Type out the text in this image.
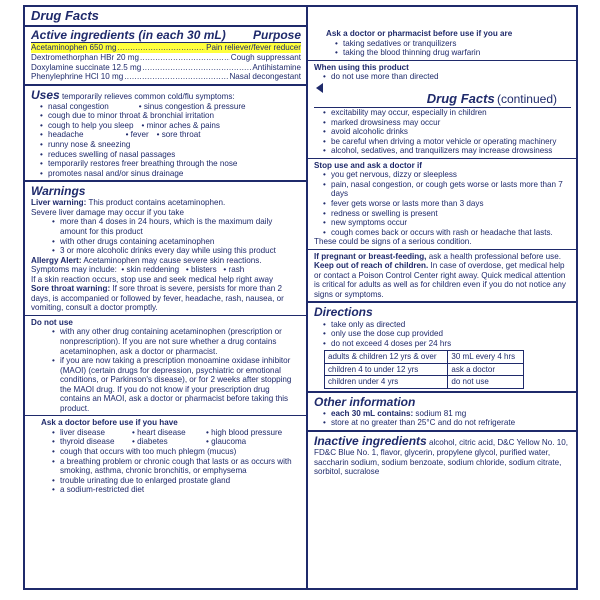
Drug Facts
Active ingredients (in each 30 mL) Purpose
Acetaminophen 650 mg .....	Pain reliever/fever reducer
Dextromethorphan HBr 20 mg .....	Cough suppressant
Doxylamine succinate 12.5 mg .....	Antihistamine
Phenylephrine HCl 10 mg .....	Nasal decongestant
Uses temporarily relieves common cold/flu symptoms:
• nasal congestion	• sinus congestion & pressure
• cough due to minor throat & bronchial irritation
• cough to help you sleep • minor aches & pains
• headache	• fever • sore throat
• runny nose & sneezing
• reduces swelling of nasal passages
• temporarily restores freer breathing through the nose
• promotes nasal and/or sinus drainage
Warnings
Liver warning: This product contains acetaminophen.
Severe liver damage may occur if you take
• more than 4 doses in 24 hours, which is the maximum daily amount for this product
• with other drugs containing acetaminophen
• 3 or more alcoholic drinks every day while using this product
Allergy Alert: Acetaminophen may cause severe skin reactions.
Symptoms may include:  • skin reddening   • blisters   • rash
If a skin reaction occurs, stop use and seek medical help right away
Sore throat warning: If sore throat is severe, persists for more than 2 days, is accompanied or followed by fever, headache, rash, nausea, or vomiting, consult a doctor promptly.
Do not use
• with any other drug containing acetaminophen (prescription or nonprescription). If you are not sure whether a drug contains acetaminophen, ask a doctor or pharmacist.
• if you are now taking a prescription monoamine oxidase inhibitor (MAOI) (certain drugs for depression, psychiatric or emotional conditions, or Parkinson's disease), or for 2 weeks after stopping the MAOI drug. If you do not know if your prescription drug contains an MAOI, ask a doctor or pharmacist before taking this product.
Ask a doctor before use if you have
• liver disease	• heart disease	• high blood pressure
• thyroid disease	• diabetes	• glaucoma
• cough that occurs with too much phlegm (mucus)
• a breathing problem or chronic cough that lasts or as occurs with smoking, asthma, chronic bronchitis, or emphysema
• trouble urinating due to enlarged prostate gland
• a sodium-restricted diet
Ask a doctor or pharmacist before use if you are
• taking sedatives or tranquilizers
• taking the blood thinning drug warfarin
When using this product
• do not use more than directed
Drug Facts (continued)
• excitability may occur, especially in children
• marked drowsiness may occur
• avoid alcoholic drinks
• be careful when driving a motor vehicle or operating machinery
• alcohol, sedatives, and tranquilizers may increase drowsiness
Stop use and ask a doctor if
• you get nervous, dizzy or sleepless
• pain, nasal congestion, or cough gets worse or lasts more than 7 days
• fever gets worse or lasts more than 3 days
• redness or swelling is present
• new symptoms occur
• cough comes back or occurs with rash or headache that lasts.
These could be signs of a serious condition.
If pregnant or breast-feeding, ask a health professional before use. Keep out of reach of children. In case of overdose, get medical help or contact a Poison Control Center right away. Quick medical attention is critical for adults as well as for children even if you do not notice any signs or symptoms.
Directions
• take only as directed
• only use the dose cup provided
• do not exceed 4 doses per 24 hrs
adults & children 12 yrs & over	30 mL every 4 hrs
children 4 to under 12 yrs	ask a doctor
children under 4 yrs	do not use
Other information
• each 30 mL contains: sodium 81 mg
• store at no greater than 25°C and do not refrigerate
Inactive ingredients alcohol, citric acid, D&C Yellow No. 10, FD&C Blue No. 1, flavor, glycerin, propylene glycol, purified water, saccharin sodium, sodium benzoate, sodium chloride, sodium citrate, sorbitol, sucralose
